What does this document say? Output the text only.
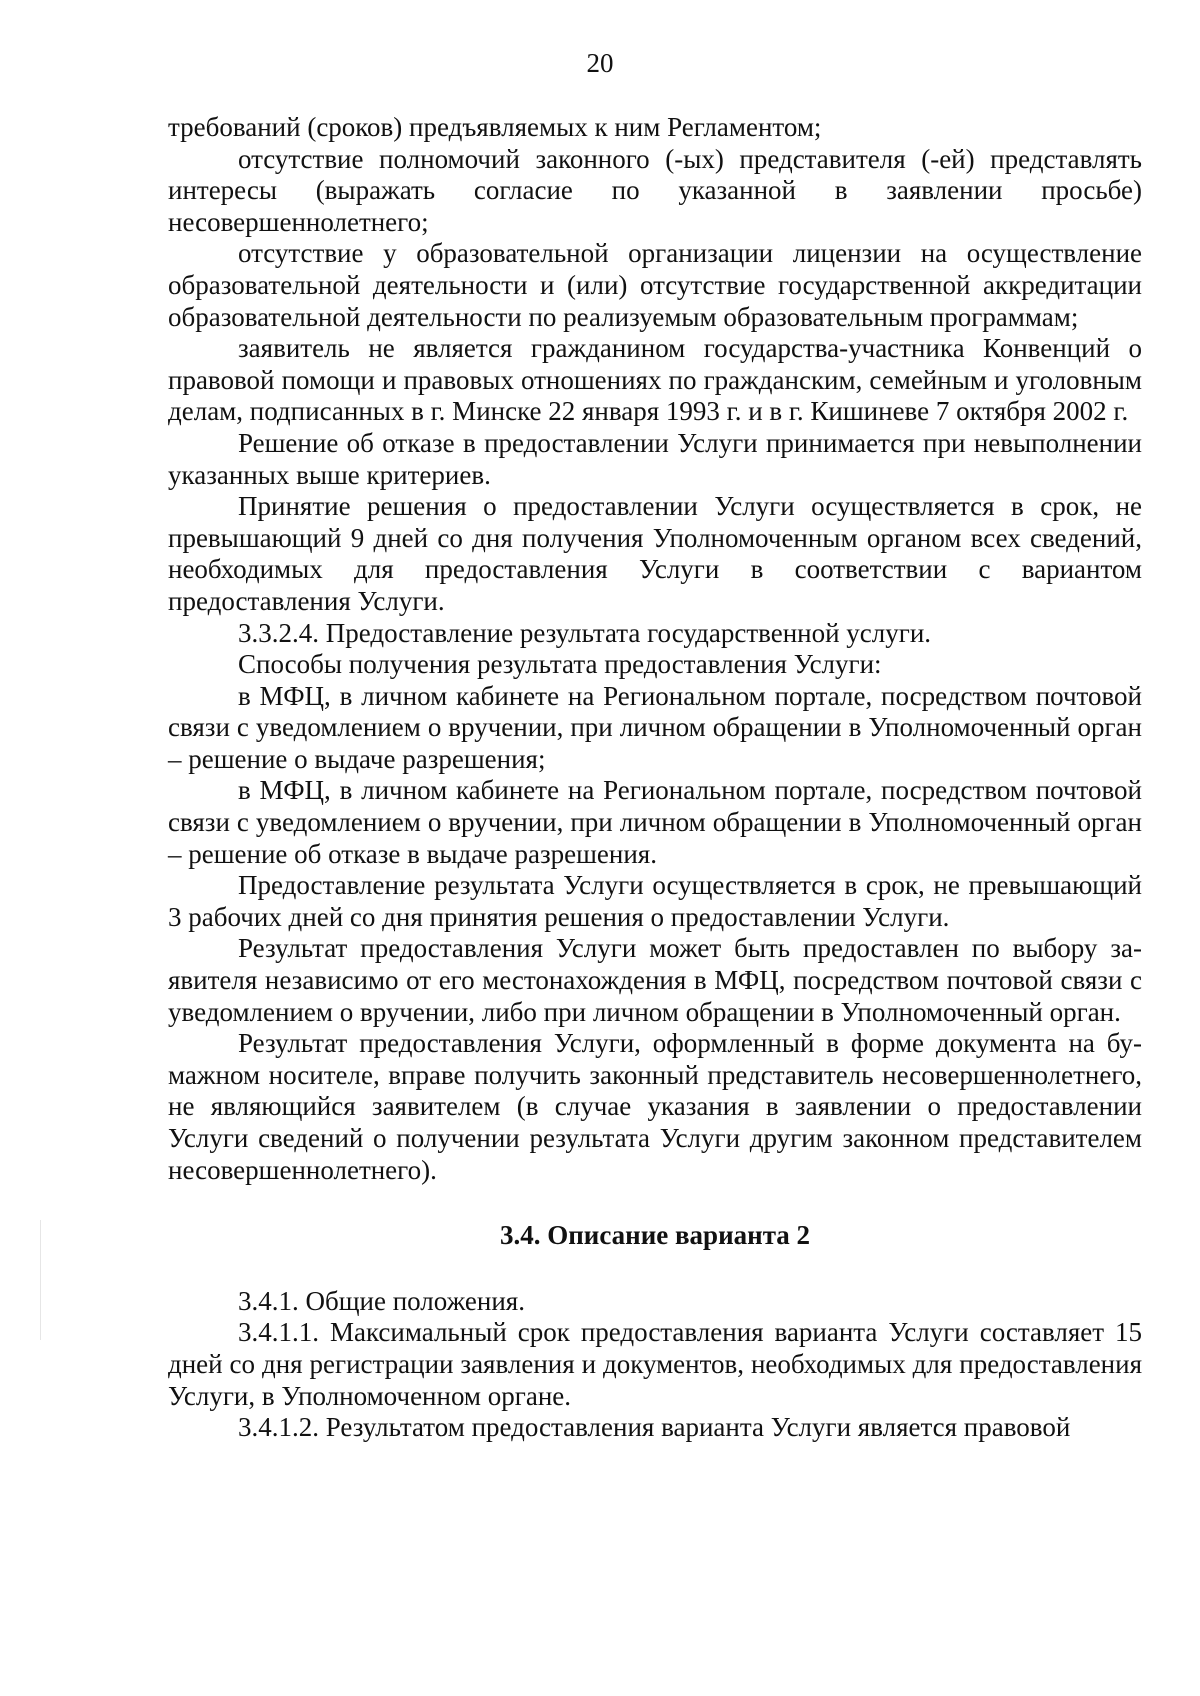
20

требований (сроков) предъявляемых к ним Регламентом;

отсутствие полномочий законного (-ых) представителя (-ей) представлять интересы (выражать согласие по указанной в заявлении просьбе) несовершеннолетнего;

отсутствие у образовательной организации лицензии на осуществление образовательной деятельности и (или) отсутствие государственной аккредитации образовательной деятельности по реализуемым образовательным программам;

заявитель не является гражданином государства-участника Конвенций о правовой помощи и правовых отношениях по гражданским, семейным и уголовным делам, подписанных в г. Минске 22 января 1993 г. и в г. Кишиневе 7 октября 2002 г.

Решение об отказе в предоставлении Услуги принимается при невыполнении указанных выше критериев.

Принятие решения о предоставлении Услуги осуществляется в срок, не превышающий 9 дней со дня получения Уполномоченным органом всех сведений, необходимых для предоставления Услуги в соответствии с вариантом предоставления Услуги.

3.3.2.4. Предоставление результата государственной услуги.

Способы получения результата предоставления Услуги:

в МФЦ, в личном кабинете на Региональном портале, посредством почтовой связи с уведомлением о вручении, при личном обращении в Уполномоченный орган – решение о выдаче разрешения;

в МФЦ, в личном кабинете на Региональном портале, посредством почтовой связи с уведомлением о вручении, при личном обращении в Уполномоченный орган – решение об отказе в выдаче разрешения.

Предоставление результата Услуги осуществляется в срок, не превышающий 3 рабочих дней со дня принятия решения о предоставлении Услуги.

Результат предоставления Услуги может быть предоставлен по выбору заявителя независимо от его местонахождения в МФЦ, посредством почтовой связи с уведомлением о вручении, либо при личном обращении в Уполномоченный орган.

Результат предоставления Услуги, оформленный в форме документа на бумажном носителе, вправе получить законный представитель несовершеннолетнего, не являющийся заявителем (в случае указания в заявлении о предоставлении Услуги сведений о получении результата Услуги другим законном представителем несовершеннолетнего).

3.4. Описание варианта 2

3.4.1. Общие положения.

3.4.1.1. Максимальный срок предоставления варианта Услуги составляет 15 дней со дня регистрации заявления и документов, необходимых для предоставления Услуги, в Уполномоченном органе.

3.4.1.2. Результатом предоставления варианта Услуги является правовой
